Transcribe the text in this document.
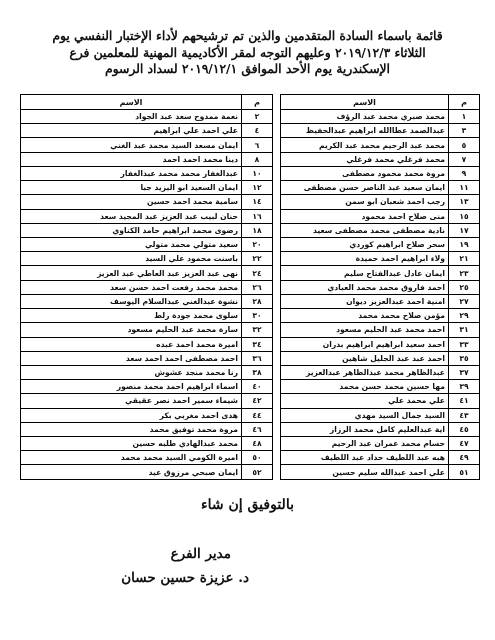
قائمة باسماء السادة المتقدمين والذين تم ترشيحهم لأداء الإختبار النفسي يوم
الثلاثاء ٢٠١٩/١٢/٣ وعليهم التوجه لمقر الأكاديمية المهنية للمعلمين فرع
الإسكندرية يوم الأحد الموافق ٢٠١٩/١٢/١ لسداد الرسوم
م	الاسم		م	الاسم
١	محمد صبري محمد عبد الرؤف		٢	نعمة ممدوح سعد عبد الجواد
٣	عبدالصمد عطاالله ابراهيم عبدالحفيظ		٤	علي احمد علي ابراهيم
٥	محمد عبد الرحيم محمد عبد الكريم		٦	ايمان مسعد السيد محمد عبد الغني
٧	محمد فرغلي محمد فرغلي		٨	دينا محمد احمد احمد
٩	مروة محمد محمود مصطفى		١٠	عبدالغفار محمد محمد عبدالغفار
١١	ايمان سعيد عبد الناصر حسن مصطفى		١٢	ايمان السعيد ابو اليزيد جبا
١٣	رجب احمد شعبان ابو سمن		١٤	سامية محمد احمد حسين
١٥	منى صلاح احمد محمود		١٦	حنان لبيب عبد العزيز عبد المجيد سعد
١٧	نادية مصطفى محمد مصطفى سعيد		١٨	رضوى محمد ابراهيم حامد الكناوي
١٩	سحر صلاح ابراهيم كوردي		٢٠	سعيد متولي محمد متولي
٢١	ولاء ابراهيم احمد حميدة		٢٢	باسنت محمود علي السيد
٢٣	ايمان عادل عبدالفتاح سليم		٢٤	نهى عبد العزيز عبد العاطي عبد العزيز
٢٥	احمد فاروق محمد محمد العبادي		٢٦	محمد محمد رفعت احمد حسن سعد
٢٧	امنية احمد عبدالعزيز ديوان		٢٨	نشوة عبدالغني عبدالسلام اليوسف
٢٩	مؤمن صلاح محمد محمد		٣٠	سلوى محمد جودة رلط
٣١	احمد محمد عبد الحليم مسعود		٣٢	سارة محمد عبد الحليم مسعود
٣٣	احمد سعيد ابراهيم ابراهيم بدران		٣٤	اميرة محمد احمد عبده
٣٥	احمد عبد عبد الجليل شاهين		٣٦	احمد مصطفى احمد احمد سعد
٣٧	عبدالظاهر محمد عبدالظاهر عبدالعزيز		٣٨	رنا محمد منجد عشوش
٣٩	مها حسين محمد حسن محمد		٤٠	اسماء ابراهيم احمد محمد منصور
٤١	علي محمد علي		٤٢	شيماء سمير احمد نصر عقيقي
٤٣	السيد جمال السيد مهدي		٤٤	هدى احمد مغربي بكر
٤٥	اية عبدالعليم كامل محمد الرزاز		٤٦	مروة محمد توفيق محمد
٤٧	حسام محمد عمران عبد الرحيم		٤٨	محمد عبدالهادي طلبه حسين
٤٩	هبه عبد اللطيف حداد عبد اللطيف		٥٠	اميرة الكومي السيد محمد محمد
٥١	علي احمد عبدالله سليم حسين		٥٢	ايمان صبحي مرزوق عيد
بالتوفيق إن شاء
مدير الفرع
د. عزيزة حسين حسان
